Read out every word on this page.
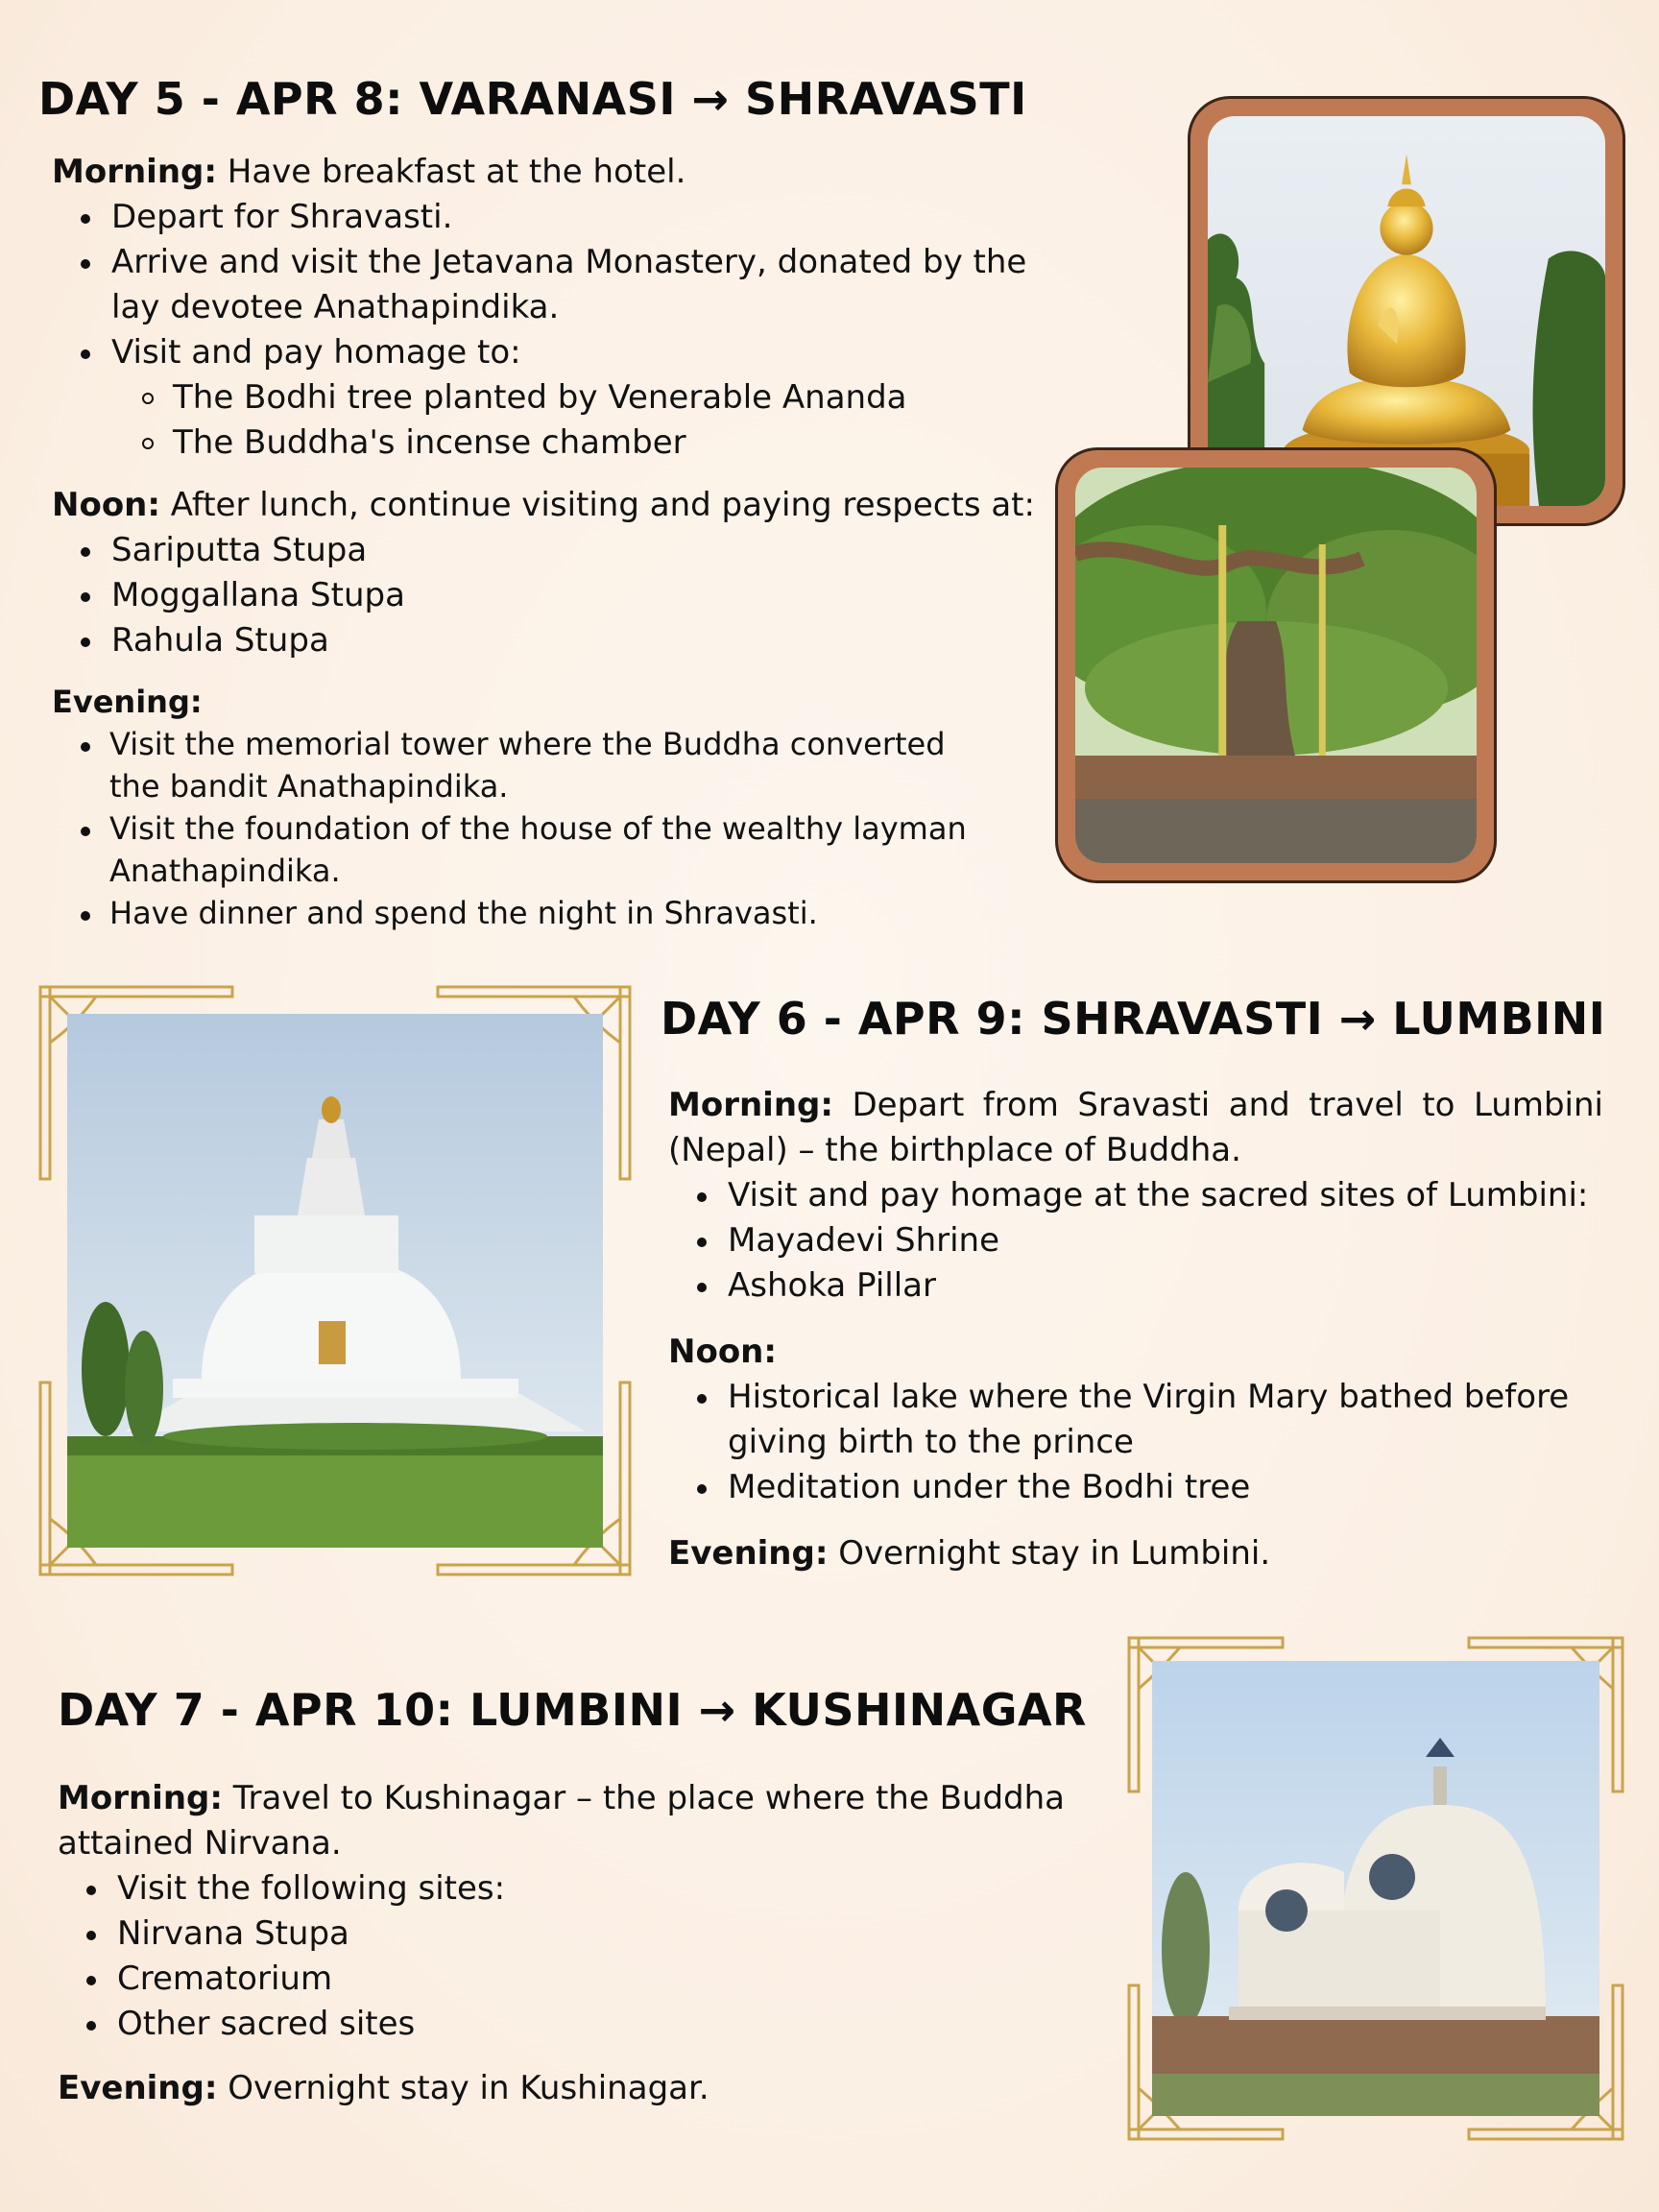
DAY 5 - APR 8: VARANASI → SHRAVASTI
Morning: Have breakfast at the hotel.
Depart for Shravasti.
Arrive and visit the Jetavana Monastery, donated by the
lay devotee Anathapindika.
Visit and pay homage to:
The Bodhi tree planted by Venerable Ananda
The Buddha's incense chamber
Noon: After lunch, continue visiting and paying respects at:
Sariputta Stupa
Moggallana Stupa
Rahula Stupa
Evening:
Visit the memorial tower where the Buddha converted
the bandit Anathapindika.
Visit the foundation of the house of the wealthy layman
Anathapindika.
Have dinner and spend the night in Shravasti.
DAY 6 - APR 9: SHRAVASTI → LUMBINI
Morning: Depart from Sravasti and travel to Lumbini (Nepal) – the birthplace of Buddha.
Visit and pay homage at the sacred sites of Lumbini:
Mayadevi Shrine
Ashoka Pillar
Noon:
Historical lake where the Virgin Mary bathed before
giving birth to the prince
Meditation under the Bodhi tree
Evening: Overnight stay in Lumbini.
DAY 7 - APR 10: LUMBINI → KUSHINAGAR
Morning: Travel to Kushinagar – the place where the Buddha attained Nirvana.
Visit the following sites:
Nirvana Stupa
Crematorium
Other sacred sites
Evening: Overnight stay in Kushinagar.
